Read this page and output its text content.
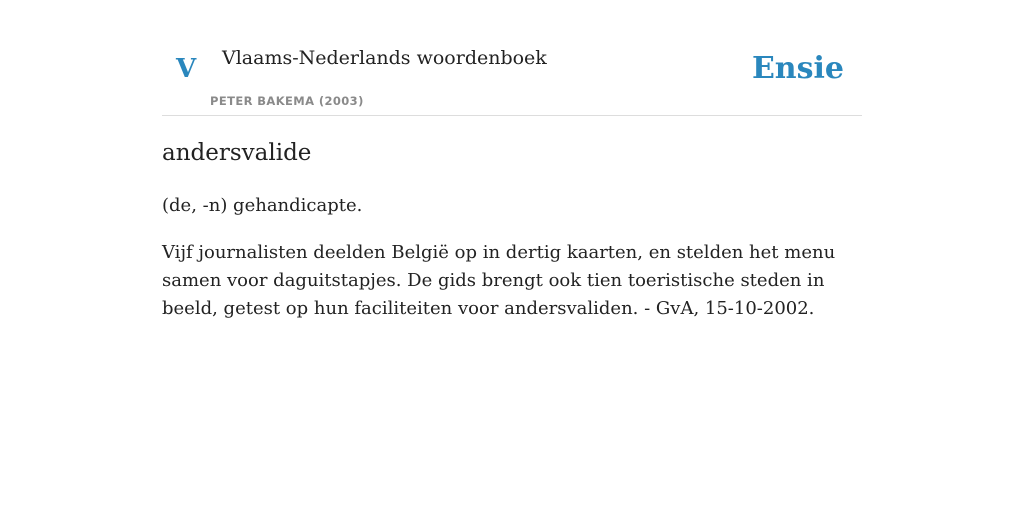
V Vlaams-Nederlands woordenboek
PETER BAKEMA (2003)
Ensie
andersvalide

(de, -n) gehandicapte.

Vijf journalisten deelden België op in dertig kaarten, en stelden het menu samen voor daguitstapjes. De gids brengt ook tien toeristische steden in beeld, getest op hun faciliteiten voor andersvaliden. - GvA, 15-10-2002.
